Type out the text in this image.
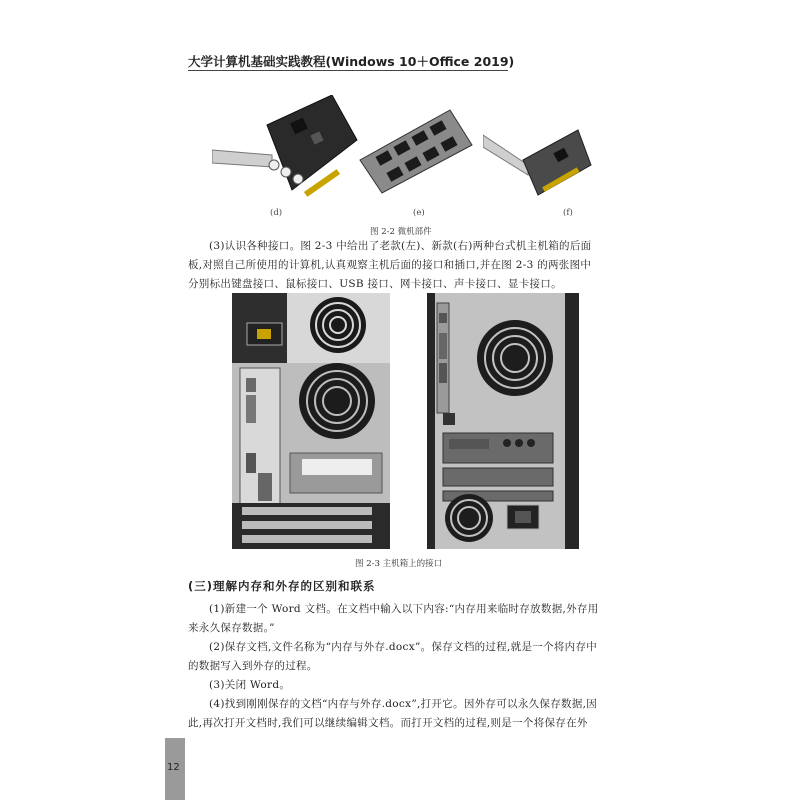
大学计算机基础实践教程(Windows 10＋Office 2019)
(d)	(e)	(f)
图 2-2 微机部件

(3)认识各种接口。图 2-3 中给出了老款(左)、新款(右)两种台式机主机箱的后面

板,对照自己所使用的计算机,认真观察主机后面的接口和插口,并在图 2-3 的两张图中

分别标出键盘接口、鼠标接口、USB 接口、网卡接口、声卡接口、显卡接口。

图 2-3 主机箱上的接口
(三)理解内存和外存的区别和联系

(1)新建一个 Word 文档。在文档中输入以下内容:“内存用来临时存放数据,外存用

来永久保存数据。”

(2)保存文档,文件名称为“内存与外存.docx”。保存文档的过程,就是一个将内存中

的数据写入到外存的过程。

(3)关闭 Word。

(4)找到刚刚保存的文档“内存与外存.docx”,打开它。因外存可以永久保存数据,因

此,再次打开文档时,我们可以继续编辑文档。而打开文档的过程,则是一个将保存在外

12
